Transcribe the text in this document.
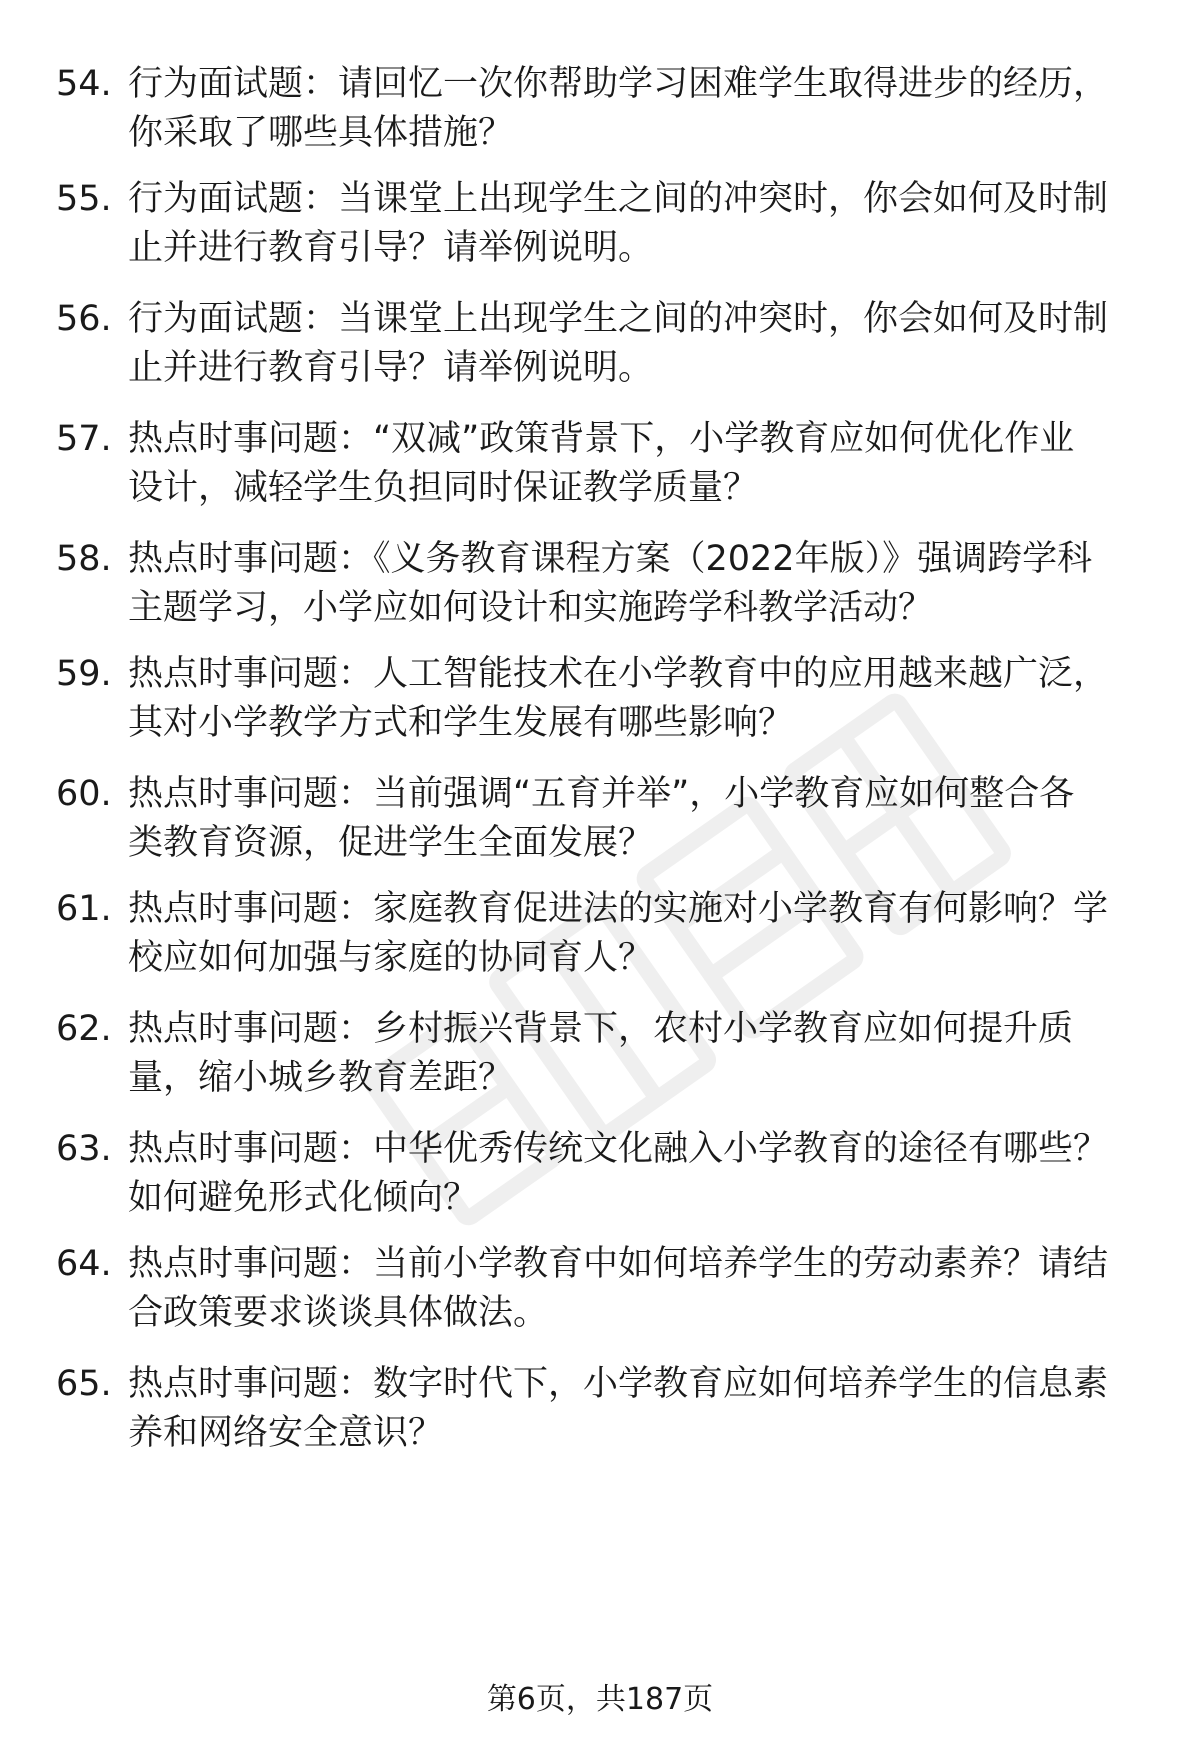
54. 行为面试题：请回忆一次你帮助学习困难学生取得进步的经历，
你采取了哪些具体措施？
55. 行为面试题：当课堂上出现学生之间的冲突时，你会如何及时制
止并进行教育引导？请举例说明。
56. 行为面试题：当课堂上出现学生之间的冲突时，你会如何及时制
止并进行教育引导？请举例说明。
57. 热点时事问题：“双减”政策背景下，小学教育应如何优化作业
设计，减轻学生负担同时保证教学质量？
58. 热点时事问题：《义务教育课程方案（2022年版）》强调跨学科
主题学习，小学应如何设计和实施跨学科教学活动？
59. 热点时事问题：人工智能技术在小学教育中的应用越来越广泛，
其对小学教学方式和学生发展有哪些影响？
60. 热点时事问题：当前强调“五育并举”，小学教育应如何整合各
类教育资源，促进学生全面发展？
61. 热点时事问题：家庭教育促进法的实施对小学教育有何影响？学
校应如何加强与家庭的协同育人？
62. 热点时事问题：乡村振兴背景下，农村小学教育应如何提升质
量，缩小城乡教育差距？
63. 热点时事问题：中华优秀传统文化融入小学教育的途径有哪些？
如何避免形式化倾向？
64. 热点时事问题：当前小学教育中如何培养学生的劳动素养？请结
合政策要求谈谈具体做法。
65. 热点时事问题：数字时代下，小学教育应如何培养学生的信息素
养和网络安全意识？
第6页，共187页
